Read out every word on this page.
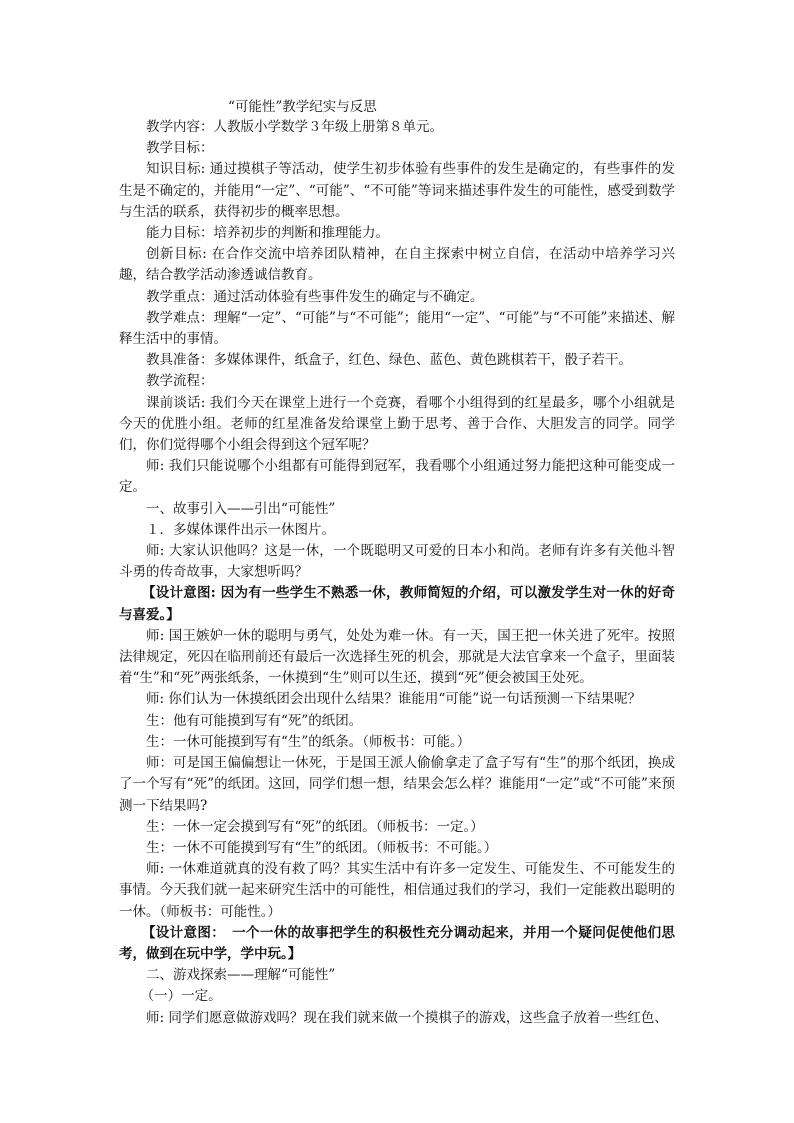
“可能性”教学纪实与反思

教学内容：人教版小学数学３年级上册第８单元。

教学目标：

知识目标: 通过摸棋子等活动，使学生初步体验有些事件的发生是确定的，有些事件的发生是不确定的，并能用“一定”、“可能”、“不可能”等词来描述事件发生的可能性，感受到数学与生活的联系，获得初步的概率思想。

能力目标：培养初步的判断和推理能力。

创新目标: 在合作交流中培养团队精神，在自主探索中树立自信，在活动中培养学习兴趣，结合教学活动渗透诚信教育。

教学重点：通过活动体验有些事件发生的确定与不确定。

教学难点：理解“一定”、“可能”与“不可能”；能用“一定”、“可能”与“不可能”来描述、解释生活中的事情。

教具准备：多媒体课件，纸盒子，红色、绿色、蓝色、黄色跳棋若干，骰子若干。

教学流程：

课前谈话: 我们今天在课堂上进行一个竞赛，看哪个小组得到的红星最多，哪个小组就是今天的优胜小组。老师的红星准备发给课堂上勤于思考、善于合作、大胆发言的同学。同学们，你们觉得哪个小组会得到这个冠军呢？

师: 我们只能说哪个小组都有可能得到冠军，我看哪个小组通过努力能把这种可能变成一定。

一、故事引入——引出“可能性”

１．多媒体课件出示一休图片。

师: 大家认识他吗？这是一休，一个既聪明又可爱的日本小和尚。老师有许多有关他斗智斗勇的传奇故事，大家想听吗？

【设计意图: 因为有一些学生不熟悉一休，教师简短的介绍，可以激发学生对一休的好奇与喜爱。】

师: 国王嫉妒一休的聪明与勇气，处处为难一休。有一天，国王把一休关进了死牢。按照法律规定，死囚在临刑前还有最后一次选择生死的机会，那就是大法官拿来一个盒子，里面装着“生”和“死”两张纸条，一休摸到“生”则可以生还，摸到“死”便会被国王处死。

师: 你们认为一休摸纸团会出现什么结果？谁能用“可能”说一句话预测一下结果呢？

生：他有可能摸到写有“死”的纸团。

生：一休可能摸到写有“生”的纸条。（师板书：可能。）

师：可是国王偏偏想让一休死，于是国王派人偷偷拿走了盒子写有“生”的那个纸团，换成了一个写有“死”的纸团。这回，同学们想一想，结果会怎么样？谁能用“一定”或“不可能”来预测一下结果吗?

生：一休一定会摸到写有“死”的纸团。（师板书：一定。）

生：一休不可能摸到写有“生”的纸团。（师板书：不可能。）

师: 一休难道就真的没有救了吗？其实生活中有许多一定发生、可能发生、不可能发生的事情。今天我们就一起来研究生活中的可能性，相信通过我们的学习，我们一定能救出聪明的一休。（师板书：可能性。）

【设计意图：　一个一休的故事把学生的积极性充分调动起来，并用一个疑问促使他们思考，做到在玩中学，学中玩。】

二、游戏探索——理解“可能性”

（一）一定。

师: 同学们愿意做游戏吗？现在我们就来做一个摸棋子的游戏，这些盒子放着一些红色、
